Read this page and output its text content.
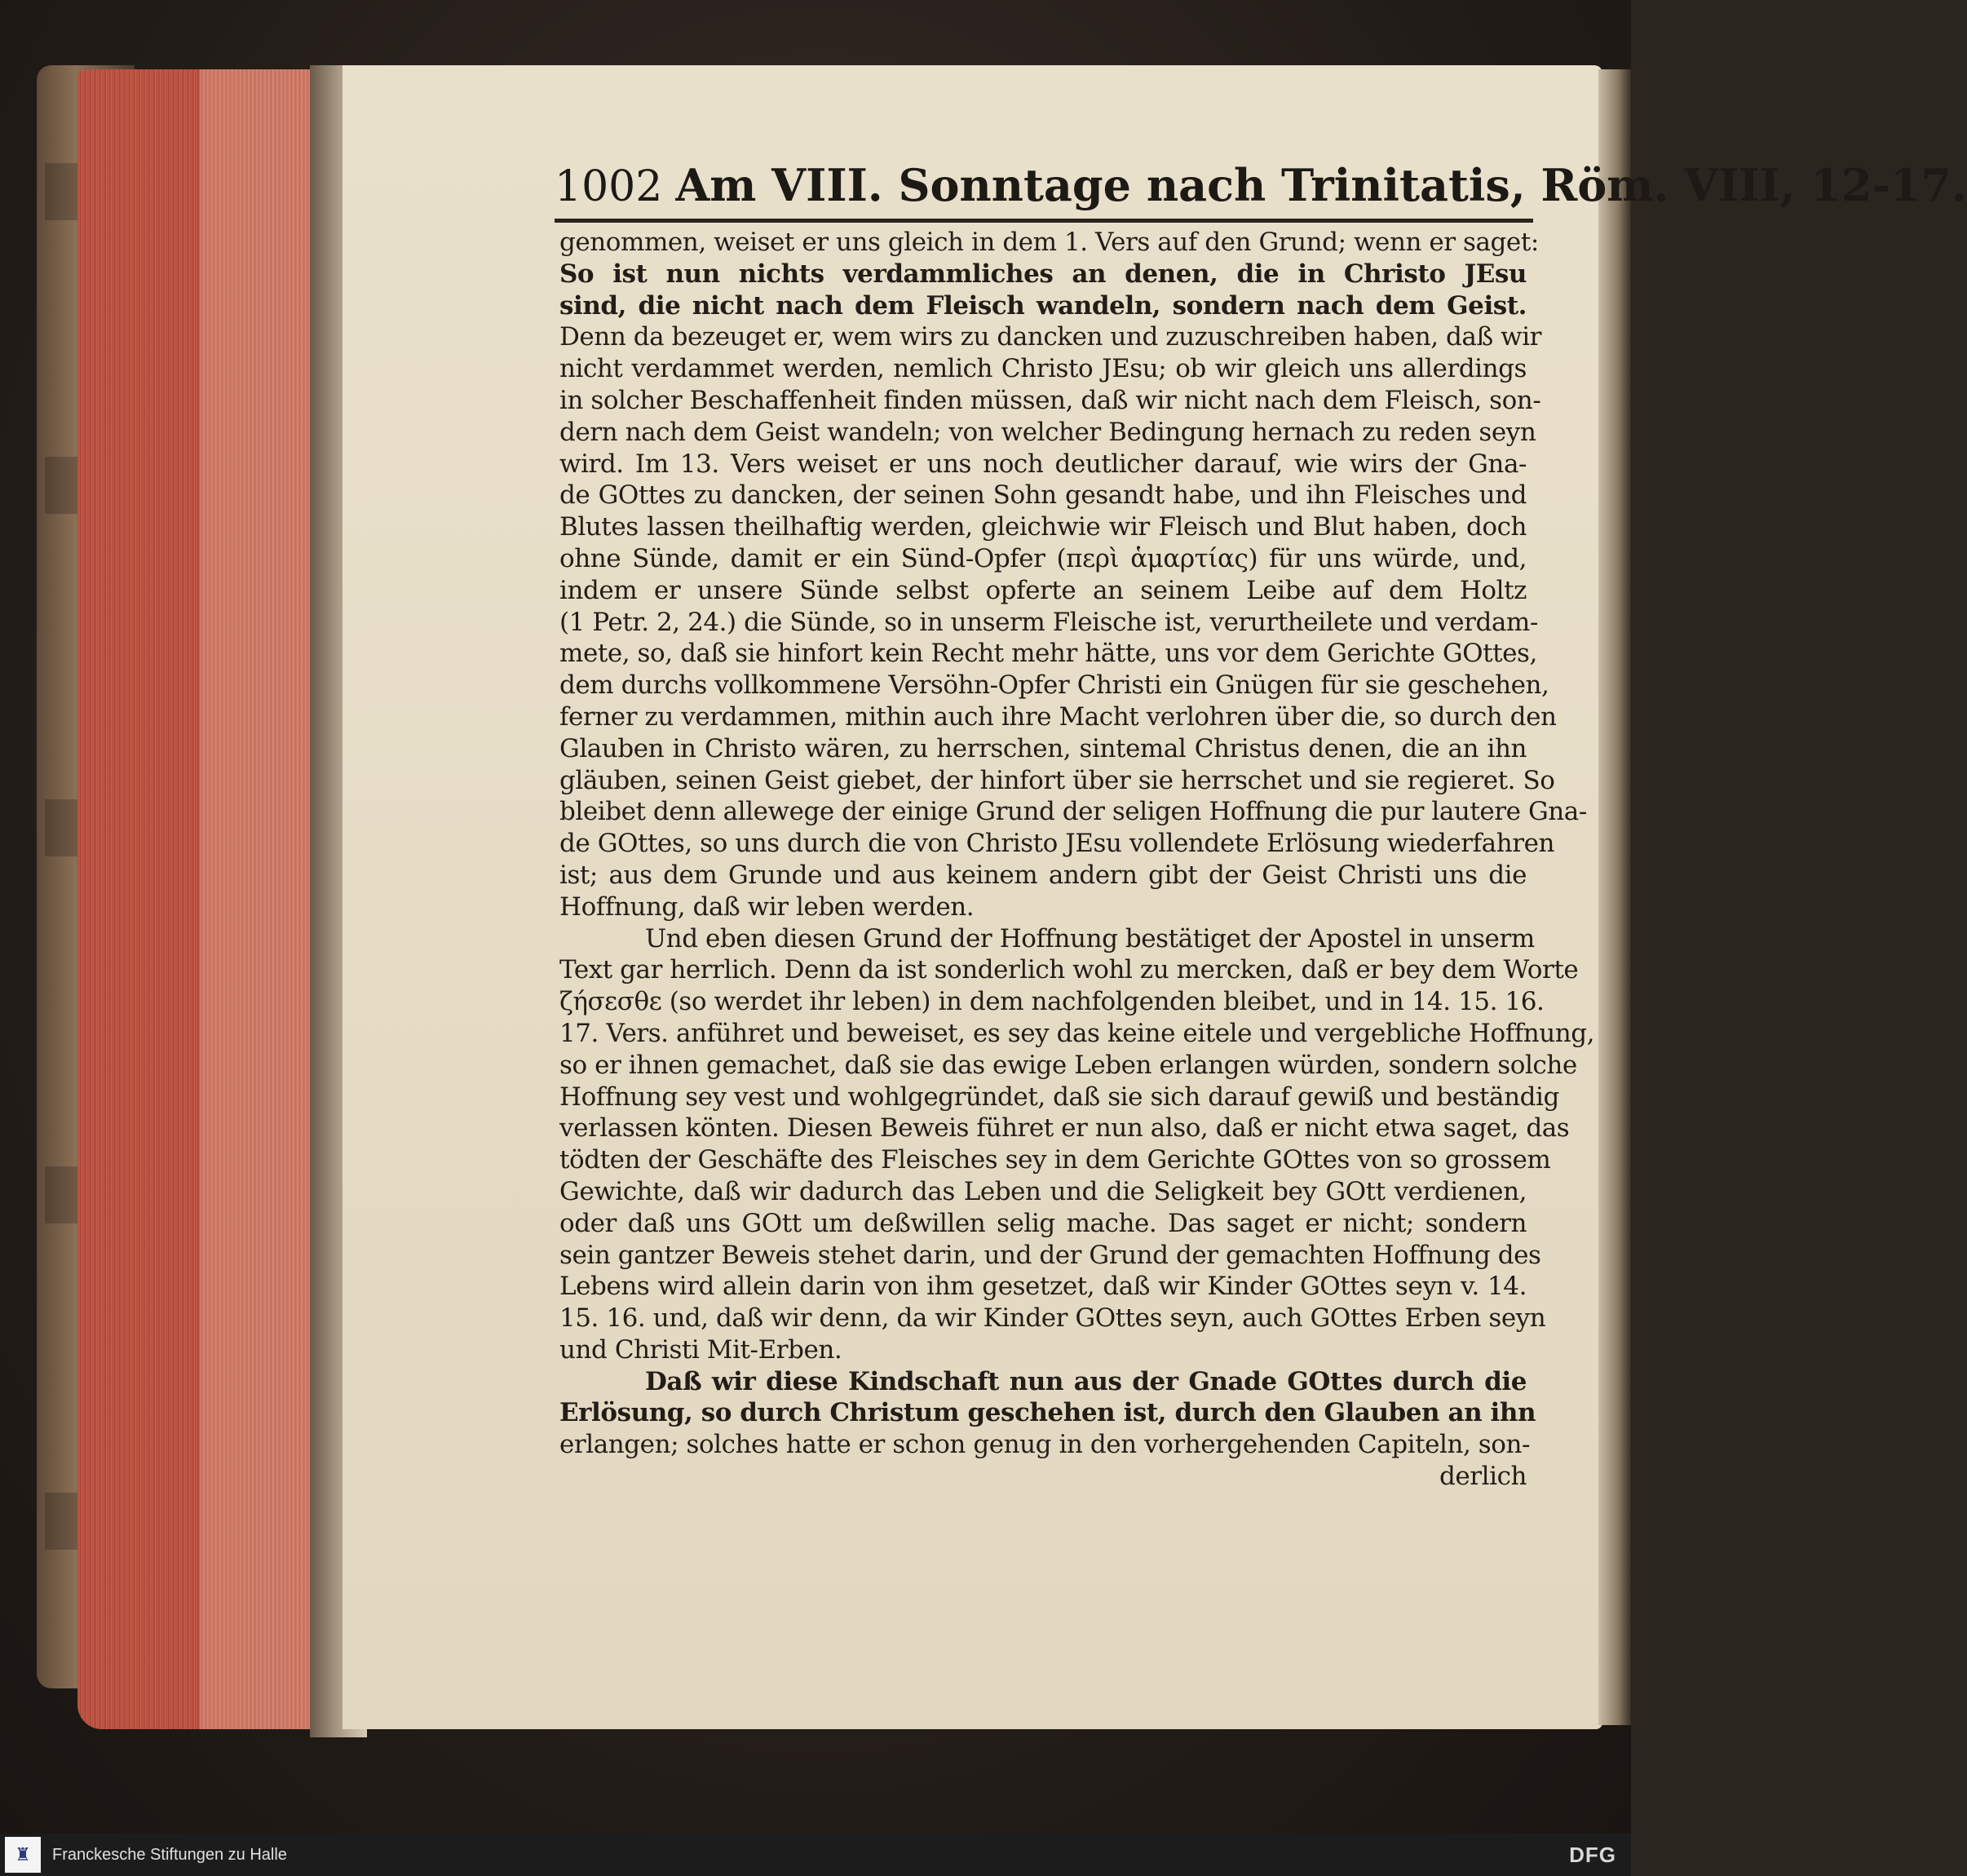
1002 Am VIII. Sonntage nach Trinitatis, Röm. VIII, 12-17.
genommen, weiset er uns gleich in dem 1. Vers auf den Grund; wenn er saget:
So ist nun nichts verdammliches an denen, die in Christo JEsu
sind, die nicht nach dem Fleisch wandeln, sondern nach dem Geist.
Denn da bezeuget er, wem wirs zu dancken und zuzuschreiben haben, daß wir
nicht verdammet werden, nemlich Christo JEsu; ob wir gleich uns allerdings
in solcher Beschaffenheit finden müssen, daß wir nicht nach dem Fleisch, son-
dern nach dem Geist wandeln; von welcher Bedingung hernach zu reden seyn
wird. Im 13. Vers weiset er uns noch deutlicher darauf, wie wirs der Gna-
de GOttes zu dancken, der seinen Sohn gesandt habe, und ihn Fleisches und
Blutes lassen theilhaftig werden, gleichwie wir Fleisch und Blut haben, doch
ohne Sünde, damit er ein Sünd-Opfer (περὶ ἁμαρτίας) für uns würde, und,
indem er unsere Sünde selbst opferte an seinem Leibe auf dem Holtz
(1 Petr. 2, 24.) die Sünde, so in unserm Fleische ist, verurtheilete und verdam-
mete, so, daß sie hinfort kein Recht mehr hätte, uns vor dem Gerichte GOttes,
dem durchs vollkommene Versöhn-Opfer Christi ein Gnügen für sie geschehen,
ferner zu verdammen, mithin auch ihre Macht verlohren über die, so durch den
Glauben in Christo wären, zu herrschen, sintemal Christus denen, die an ihn
gläuben, seinen Geist giebet, der hinfort über sie herrschet und sie regieret. So
bleibet denn allewege der einige Grund der seligen Hoffnung die pur lautere Gna-
de GOttes, so uns durch die von Christo JEsu vollendete Erlösung wiederfahren
ist; aus dem Grunde und aus keinem andern gibt der Geist Christi uns die
Hoffnung, daß wir leben werden.
Und eben diesen Grund der Hoffnung bestätiget der Apostel in unserm
Text gar herrlich. Denn da ist sonderlich wohl zu mercken, daß er bey dem Worte
ζήσεσθε (so werdet ihr leben) in dem nachfolgenden bleibet, und in 14. 15. 16.
17. Vers. anführet und beweiset, es sey das keine eitele und vergebliche Hoffnung,
so er ihnen gemachet, daß sie das ewige Leben erlangen würden, sondern solche
Hoffnung sey vest und wohlgegründet, daß sie sich darauf gewiß und beständig
verlassen könten. Diesen Beweis führet er nun also, daß er nicht etwa saget, das
tödten der Geschäfte des Fleisches sey in dem Gerichte GOttes von so grossem
Gewichte, daß wir dadurch das Leben und die Seligkeit bey GOtt verdienen,
oder daß uns GOtt um deßwillen selig mache. Das saget er nicht; sondern
sein gantzer Beweis stehet darin, und der Grund der gemachten Hoffnung des
Lebens wird allein darin von ihm gesetzet, daß wir Kinder GOttes seyn v. 14.
15. 16. und, daß wir denn, da wir Kinder GOttes seyn, auch GOttes Erben seyn
und Christi Mit-Erben.
Daß wir diese Kindschaft nun aus der Gnade GOttes durch die
Erlösung, so durch Christum geschehen ist, durch den Glauben an ihn
erlangen; solches hatte er schon genug in den vorhergehenden Capiteln, son-
derlich
♜ Franckesche Stiftungen zu Halle	DFG
